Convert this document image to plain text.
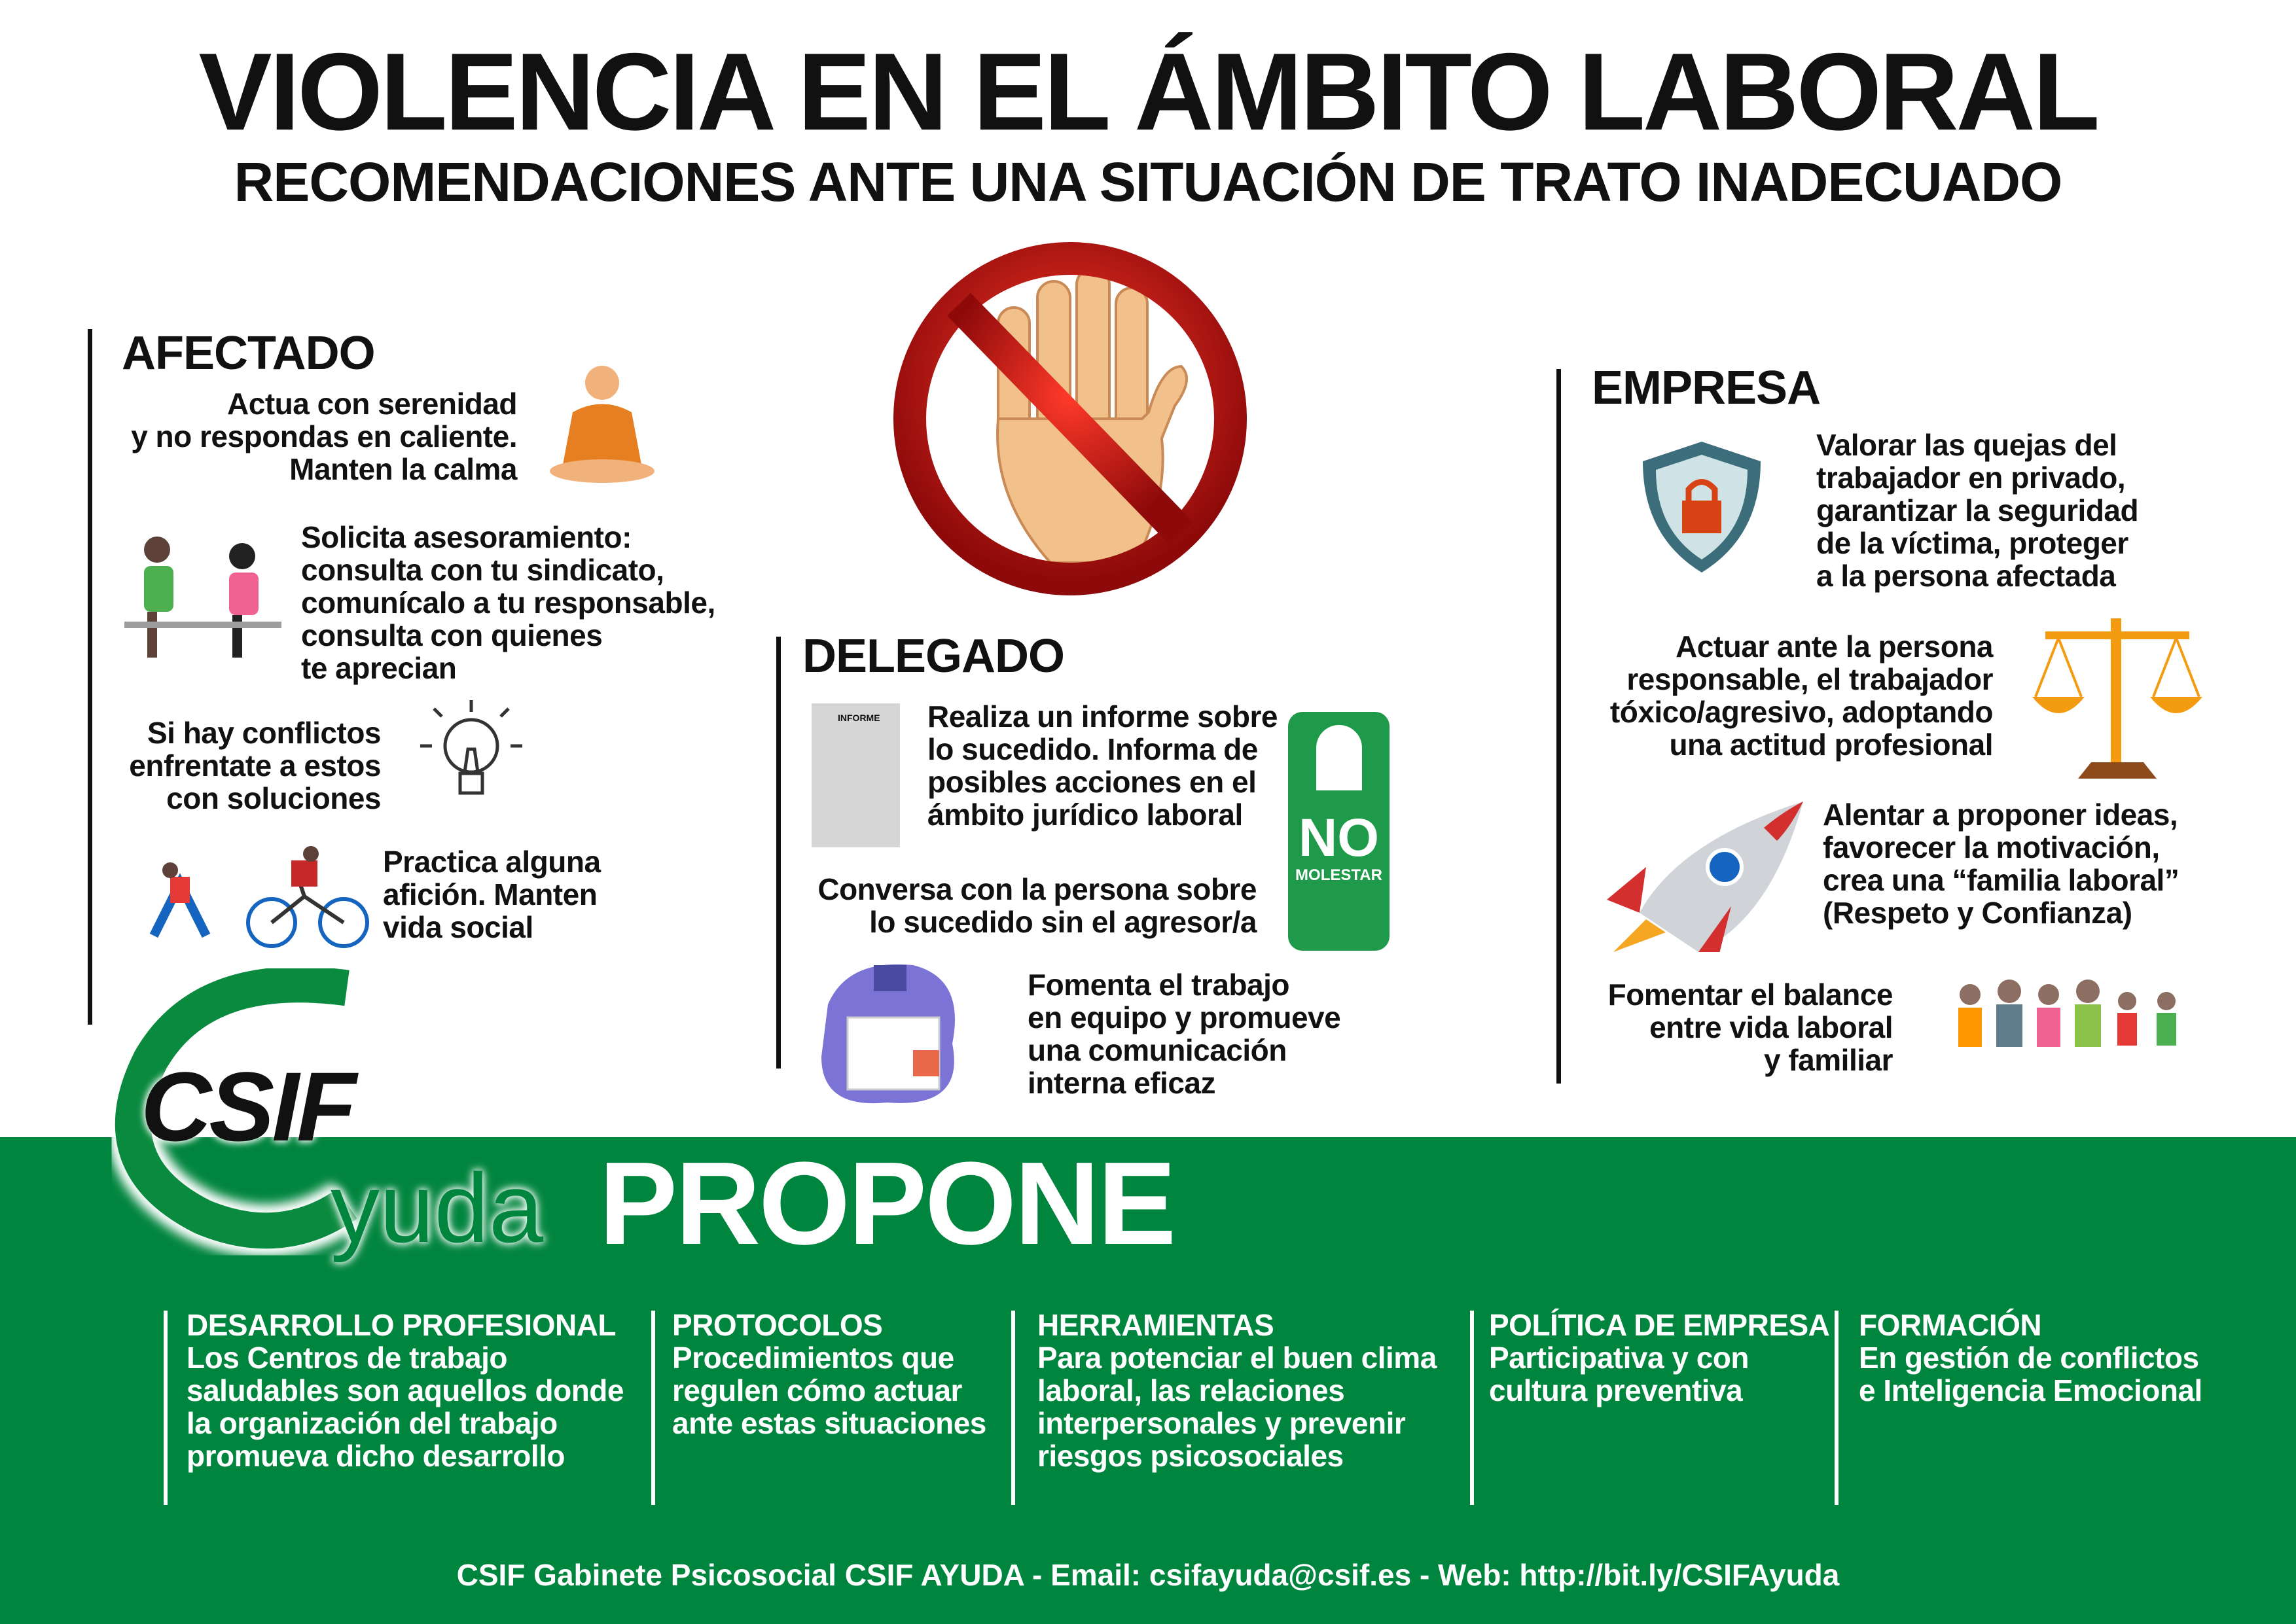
VIOLENCIA EN EL ÁMBITO LABORAL
RECOMENDACIONES ANTE UNA SITUACIÓN DE TRATO INADECUADO
AFECTADO
Actua con serenidad
y no respondas en caliente.
Manten la calma
Solicita asesoramiento:
consulta con tu sindicato,
comunícalo a tu responsable,
consulta con quienes
te aprecian
Si hay conflictos
enfrentate a estos
con soluciones
Practica alguna
afición. Manten
vida social
DELEGADO
INFORME	Realiza un informe sobre
lo sucedido. Informa de
posibles acciones en el
ámbito jurídico laboral
Conversa con la persona sobre
lo sucedido sin el agresor/a
NO
MOLESTAR
Fomenta el trabajo
en equipo y promueve
una comunicación
interna eficaz
EMPRESA
Valorar las quejas del
trabajador en privado,
garantizar la seguridad
de la víctima, proteger
a la persona afectada
Actuar ante la persona
responsable, el trabajador
tóxico/agresivo, adoptando
una actitud profesional
Alentar a proponer ideas,
favorecer la motivación,
crea una “familia laboral”
(Respeto y Confianza)
Fomentar el balance
entre vida laboral
y familiar
CSIF
yuda PROPONE
DESARROLLO PROFESIONAL
Los Centros de trabajo
saludables son aquellos donde
la organización del trabajo
promueva dicho desarrollo
PROTOCOLOS
Procedimientos que
regulen cómo actuar
ante estas situaciones
HERRAMIENTAS
Para potenciar el buen clima
laboral, las relaciones
interpersonales y prevenir
riesgos psicosociales
POLÍTICA DE EMPRESA
Participativa y con
cultura preventiva
FORMACIÓN
En gestión de conflictos
e Inteligencia Emocional
CSIF Gabinete Psicosocial CSIF AYUDA - Email: csifayuda@csif.es - Web: http://bit.ly/CSIFAyuda
